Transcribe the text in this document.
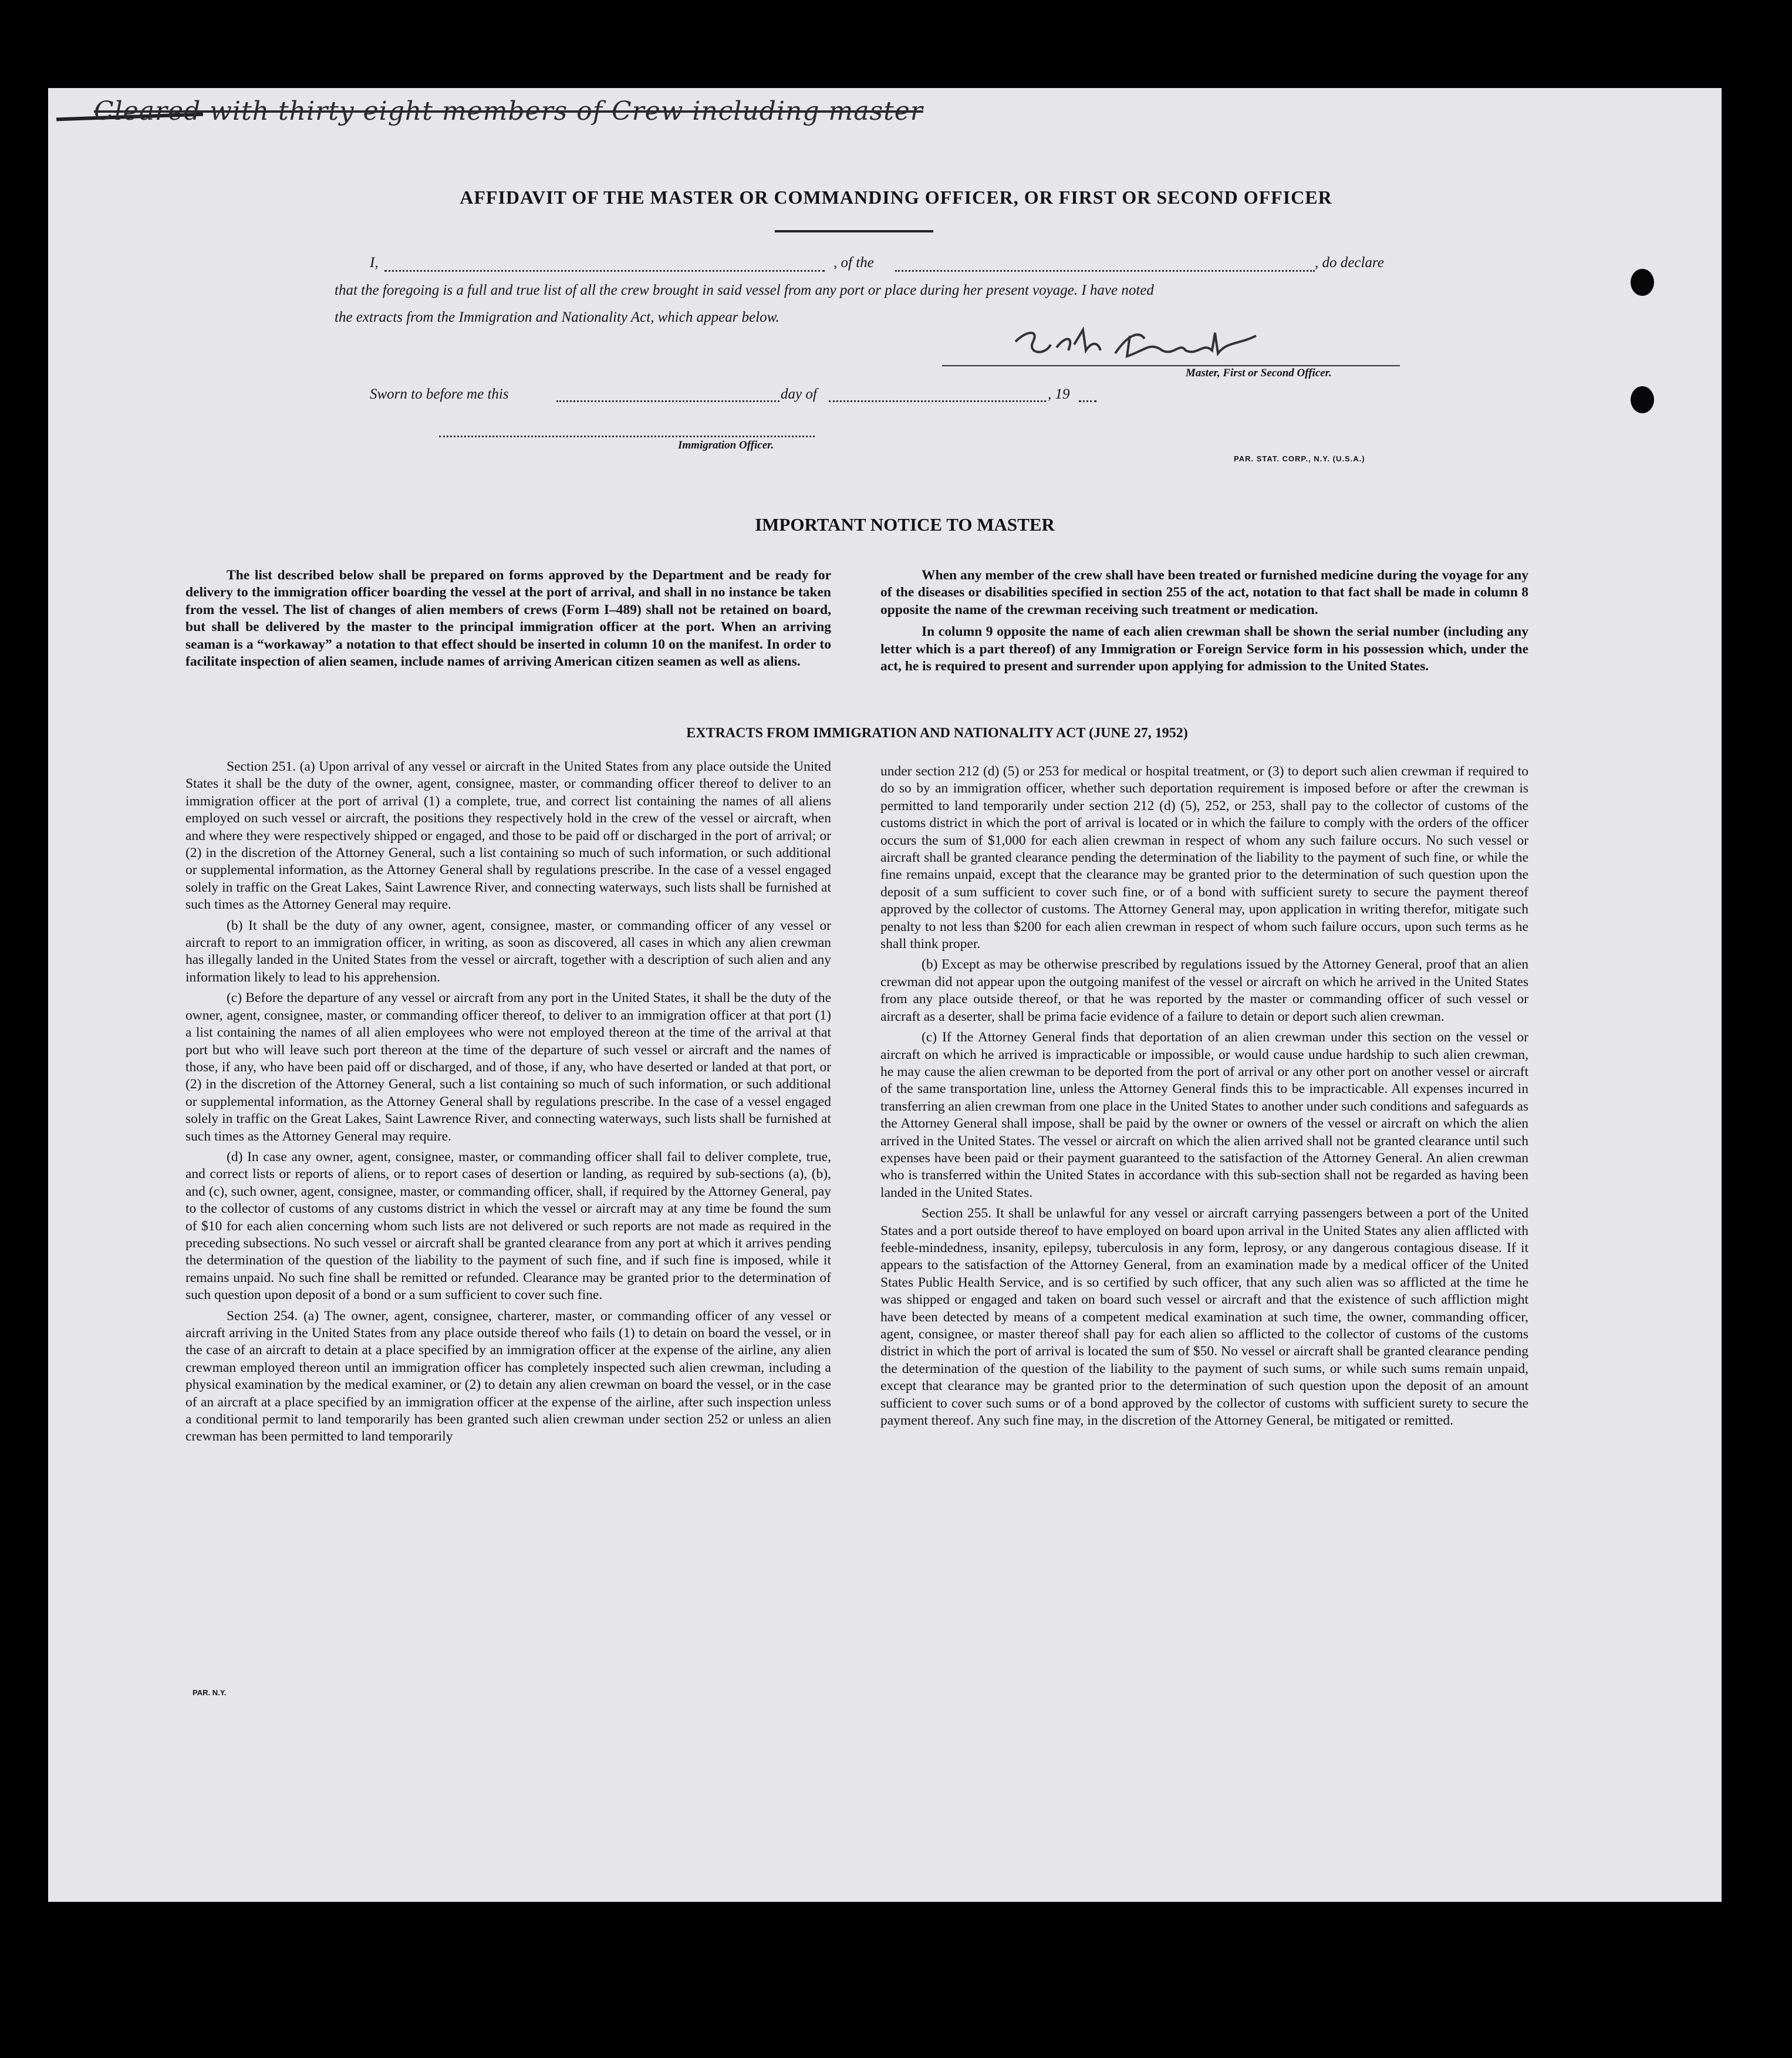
Cleared with thirty eight members of Crew including master
AFFIDAVIT OF THE MASTER OR COMMANDING OFFICER, OR FIRST OR SECOND OFFICER
I,	, of the	, do declare
that the foregoing is a full and true list of all the crew brought in said vessel from any port or place during her present voyage. I have noted
the extracts from the Immigration and Nationality Act, which appear below.
Master, First or Second Officer.
Sworn to before me this	day of	, 19
Immigration Officer.
PAR. STAT. CORP., N.Y. (U.S.A.)
IMPORTANT NOTICE TO MASTER

The list described below shall be prepared on forms approved by the Department and be ready for delivery to the immigration officer boarding the vessel at the port of arrival, and shall in no instance be taken from the vessel. The list of changes of alien members of crews (Form I–489) shall not be retained on board, but shall be delivered by the master to the principal immigration officer at the port. When an arriving seaman is a “workaway” a notation to that effect should be inserted in column 10 on the manifest. In order to facilitate inspection of alien seamen, include names of arriving American citizen seamen as well as aliens.

When any member of the crew shall have been treated or furnished medicine during the voyage for any of the diseases or disabilities specified in section 255 of the act, notation to that fact shall be made in column 8 opposite the name of the crewman receiving such treatment or medication.

In column 9 opposite the name of each alien crewman shall be shown the serial number (including any letter which is a part thereof) of any Immigration or Foreign Service form in his possession which, under the act, he is required to present and surrender upon applying for admission to the United States.

EXTRACTS FROM IMMIGRATION AND NATIONALITY ACT (JUNE 27, 1952)

Section 251. (a) Upon arrival of any vessel or aircraft in the United States from any place outside the United States it shall be the duty of the owner, agent, consignee, master, or commanding officer thereof to deliver to an immigration officer at the port of arrival (1) a complete, true, and correct list containing the names of all aliens employed on such vessel or aircraft, the positions they respectively hold in the crew of the vessel or aircraft, when and where they were respectively shipped or engaged, and those to be paid off or discharged in the port of arrival; or (2) in the discretion of the Attorney General, such a list containing so much of such information, or such additional or supplemental information, as the Attorney General shall by regulations prescribe. In the case of a vessel engaged solely in traffic on the Great Lakes, Saint Lawrence River, and connecting waterways, such lists shall be furnished at such times as the Attorney General may require.

(b) It shall be the duty of any owner, agent, consignee, master, or commanding officer of any vessel or aircraft to report to an immigration officer, in writing, as soon as discovered, all cases in which any alien crewman has illegally landed in the United States from the vessel or aircraft, together with a description of such alien and any information likely to lead to his apprehension.

(c) Before the departure of any vessel or aircraft from any port in the United States, it shall be the duty of the owner, agent, consignee, master, or commanding officer thereof, to deliver to an immigration officer at that port (1) a list containing the names of all alien employees who were not employed thereon at the time of the arrival at that port but who will leave such port thereon at the time of the departure of such vessel or aircraft and the names of those, if any, who have been paid off or discharged, and of those, if any, who have deserted or landed at that port, or (2) in the discretion of the Attorney General, such a list containing so much of such information, or such additional or supplemental information, as the Attorney General shall by regulations prescribe. In the case of a vessel engaged solely in traffic on the Great Lakes, Saint Lawrence River, and connecting waterways, such lists shall be furnished at such times as the Attorney General may require.

(d) In case any owner, agent, consignee, master, or commanding officer shall fail to deliver complete, true, and correct lists or reports of aliens, or to report cases of desertion or landing, as required by sub-sections (a), (b), and (c), such owner, agent, consignee, master, or commanding officer, shall, if required by the Attorney General, pay to the collector of customs of any customs district in which the vessel or aircraft may at any time be found the sum of $10 for each alien concerning whom such lists are not delivered or such reports are not made as required in the preceding subsections. No such vessel or aircraft shall be granted clearance from any port at which it arrives pending the determination of the question of the liability to the payment of such fine, and if such fine is imposed, while it remains unpaid. No such fine shall be remitted or refunded. Clearance may be granted prior to the determination of such question upon deposit of a bond or a sum sufficient to cover such fine.

Section 254. (a) The owner, agent, consignee, charterer, master, or commanding officer of any vessel or aircraft arriving in the United States from any place outside thereof who fails (1) to detain on board the vessel, or in the case of an aircraft to detain at a place specified by an immigration officer at the expense of the airline, any alien crewman employed thereon until an immigration officer has completely inspected such alien crewman, including a physical examination by the medical examiner, or (2) to detain any alien crewman on board the vessel, or in the case of an aircraft at a place specified by an immigration officer at the expense of the airline, after such inspection unless a conditional permit to land temporarily has been granted such alien crewman under section 252 or unless an alien crewman has been permitted to land temporarily

under section 212 (d) (5) or 253 for medical or hospital treatment, or (3) to deport such alien crewman if required to do so by an immigration officer, whether such deportation requirement is imposed before or after the crewman is permitted to land temporarily under section 212 (d) (5), 252, or 253, shall pay to the collector of customs of the customs district in which the port of arrival is located or in which the failure to comply with the orders of the officer occurs the sum of $1,000 for each alien crewman in respect of whom any such failure occurs. No such vessel or aircraft shall be granted clearance pending the determination of the liability to the payment of such fine, or while the fine remains unpaid, except that the clearance may be granted prior to the determination of such question upon the deposit of a sum sufficient to cover such fine, or of a bond with sufficient surety to secure the payment thereof approved by the collector of customs. The Attorney General may, upon application in writing therefor, mitigate such penalty to not less than $200 for each alien crewman in respect of whom such failure occurs, upon such terms as he shall think proper.

(b) Except as may be otherwise prescribed by regulations issued by the Attorney General, proof that an alien crewman did not appear upon the outgoing manifest of the vessel or aircraft on which he arrived in the United States from any place outside thereof, or that he was reported by the master or commanding officer of such vessel or aircraft as a deserter, shall be prima facie evidence of a failure to detain or deport such alien crewman.

(c) If the Attorney General finds that deportation of an alien crewman under this section on the vessel or aircraft on which he arrived is impracticable or impossible, or would cause undue hardship to such alien crewman, he may cause the alien crewman to be deported from the port of arrival or any other port on another vessel or aircraft of the same transportation line, unless the Attorney General finds this to be impracticable. All expenses incurred in transferring an alien crewman from one place in the United States to another under such conditions and safeguards as the Attorney General shall impose, shall be paid by the owner or owners of the vessel or aircraft on which the alien arrived in the United States. The vessel or aircraft on which the alien arrived shall not be granted clearance until such expenses have been paid or their payment guaranteed to the satisfaction of the Attorney General. An alien crewman who is transferred within the United States in accordance with this sub-section shall not be regarded as having been landed in the United States.

Section 255. It shall be unlawful for any vessel or aircraft carrying passengers between a port of the United States and a port outside thereof to have employed on board upon arrival in the United States any alien afflicted with feeble-mindedness, insanity, epilepsy, tuberculosis in any form, leprosy, or any dangerous contagious disease. If it appears to the satisfaction of the Attorney General, from an examination made by a medical officer of the United States Public Health Service, and is so certified by such officer, that any such alien was so afflicted at the time he was shipped or engaged and taken on board such vessel or aircraft and that the existence of such affliction might have been detected by means of a competent medical examination at such time, the owner, commanding officer, agent, consignee, or master thereof shall pay for each alien so afflicted to the collector of customs of the customs district in which the port of arrival is located the sum of $50. No vessel or aircraft shall be granted clearance pending the determination of the question of the liability to the payment of such sums, or while such sums remain unpaid, except that clearance may be granted prior to the determination of such question upon the deposit of an amount sufficient to cover such sums or of a bond approved by the collector of customs with sufficient surety to secure the payment thereof. Any such fine may, in the discretion of the Attorney General, be mitigated or remitted.

PAR. N.Y.
